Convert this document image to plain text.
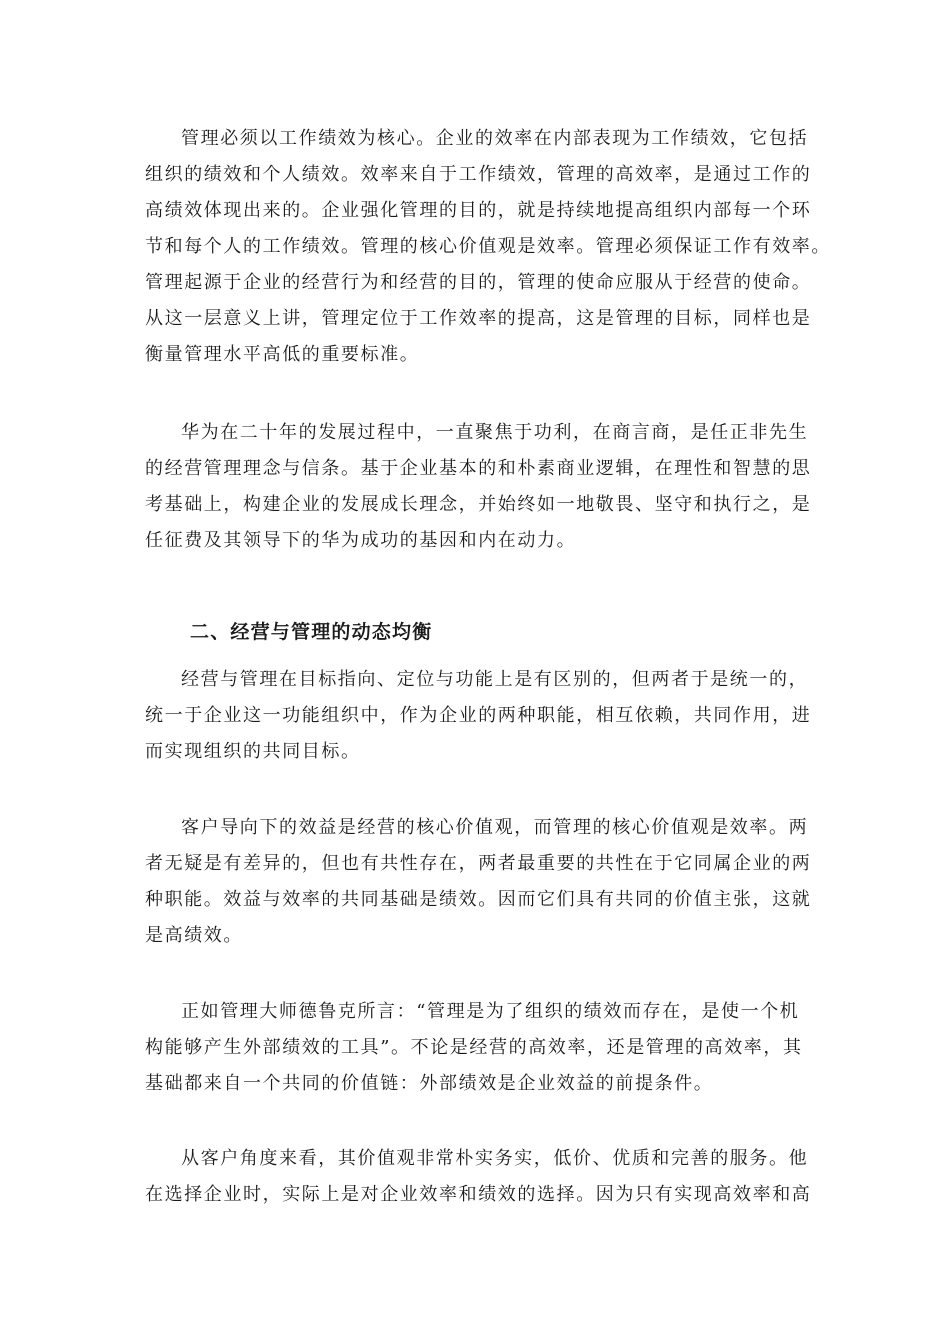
管理必须以工作绩效为核心。企业的效率在内部表现为工作绩效，它包括
组织的绩效和个人绩效。效率来自于工作绩效，管理的高效率，是通过工作的
高绩效体现出来的。企业强化管理的目的，就是持续地提高组织内部每一个环
节和每个人的工作绩效。管理的核心价值观是效率。管理必须保证工作有效率。
管理起源于企业的经营行为和经营的目的，管理的使命应服从于经营的使命。
从这一层意义上讲，管理定位于工作效率的提高，这是管理的目标，同样也是
衡量管理水平高低的重要标准。
华为在二十年的发展过程中，一直聚焦于功利，在商言商，是任正非先生
的经营管理理念与信条。基于企业基本的和朴素商业逻辑，在理性和智慧的思
考基础上，构建企业的发展成长理念，并始终如一地敬畏、坚守和执行之，是
任征费及其领导下的华为成功的基因和内在动力。
二、经营与管理的动态均衡
经营与管理在目标指向、定位与功能上是有区别的，但两者于是统一的，
统一于企业这一功能组织中，作为企业的两种职能，相互依赖，共同作用，进
而实现组织的共同目标。
客户导向下的效益是经营的核心价值观，而管理的核心价值观是效率。两
者无疑是有差异的，但也有共性存在，两者最重要的共性在于它同属企业的两
种职能。效益与效率的共同基础是绩效。因而它们具有共同的价值主张，这就
是高绩效。
正如管理大师德鲁克所言：“管理是为了组织的绩效而存在，是使一个机
构能够产生外部绩效的工具”。不论是经营的高效率，还是管理的高效率，其
基础都来自一个共同的价值链：外部绩效是企业效益的前提条件。
从客户角度来看，其价值观非常朴实务实，低价、优质和完善的服务。他
在选择企业时，实际上是对企业效率和绩效的选择。因为只有实现高效率和高
